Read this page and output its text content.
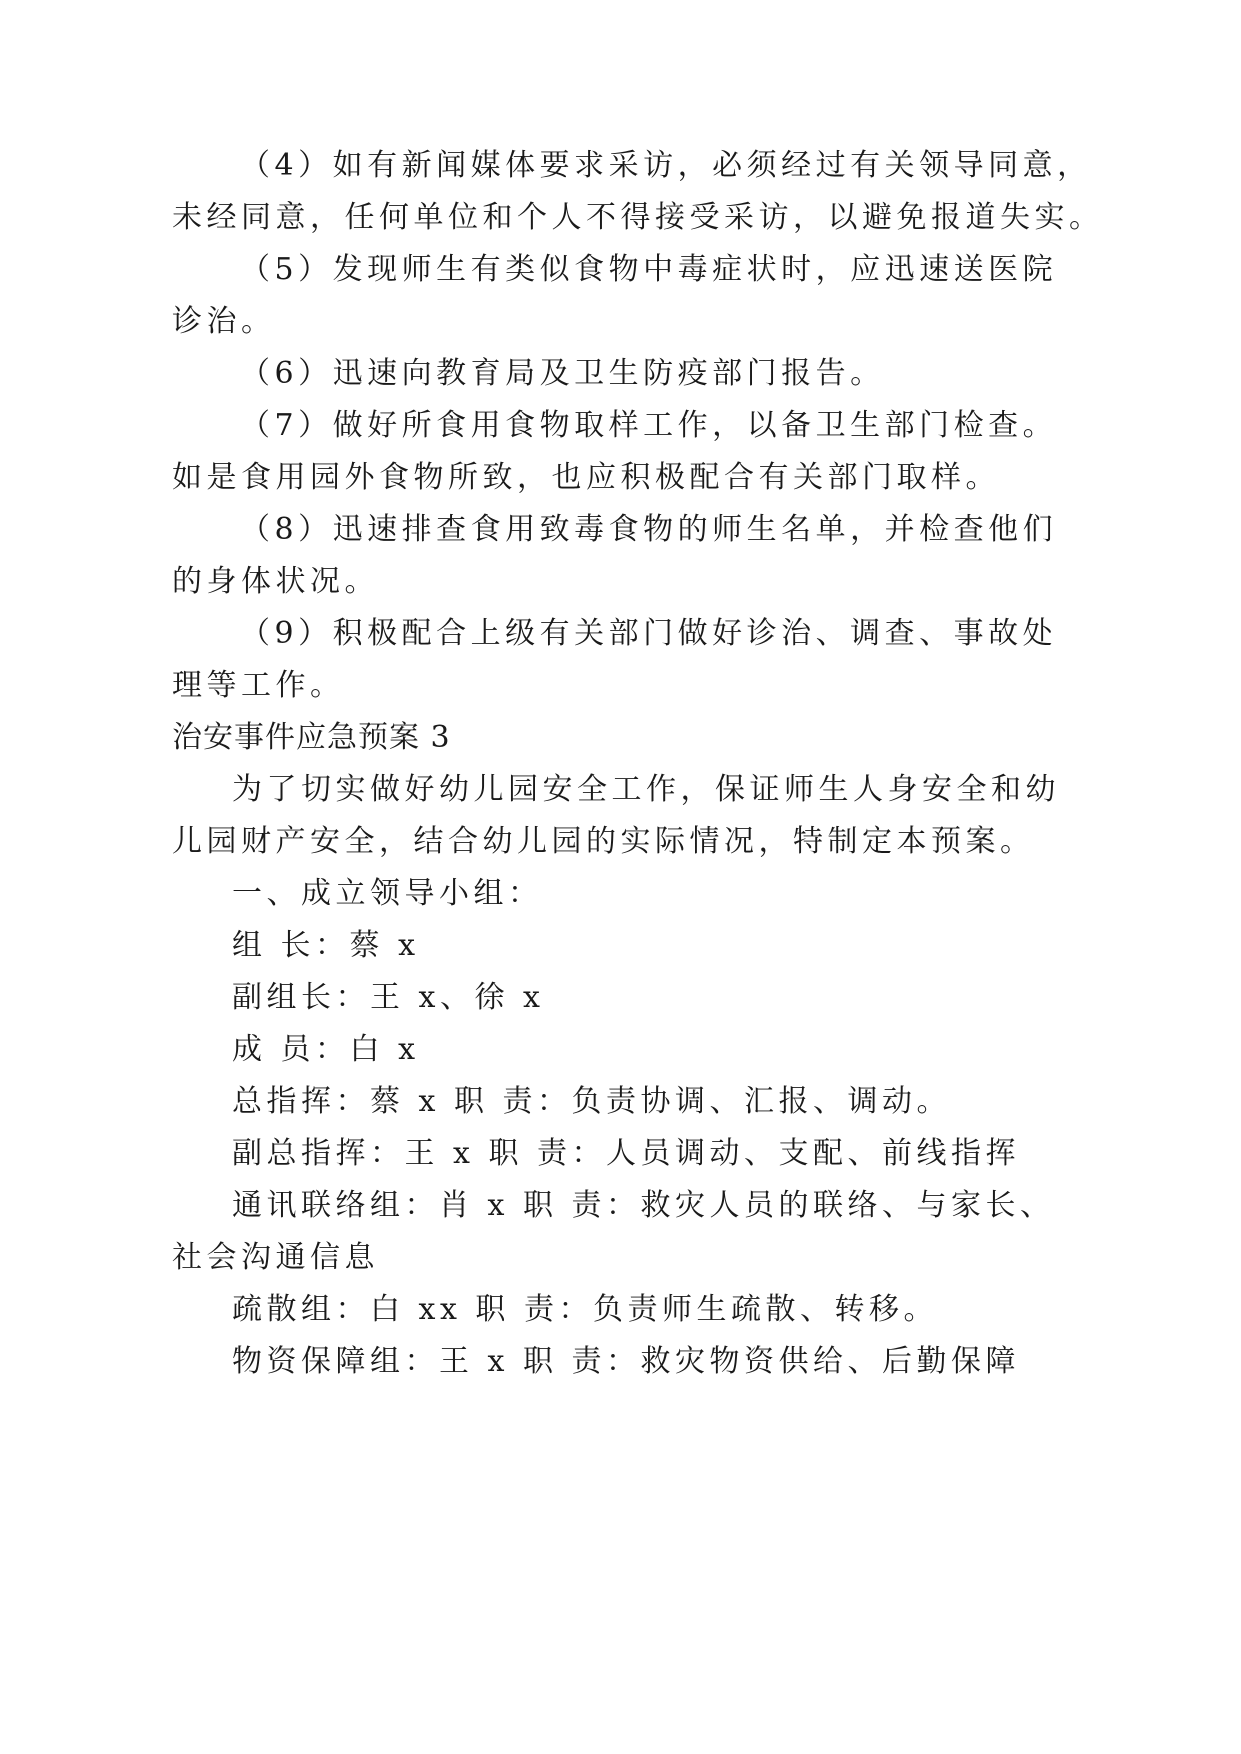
（4）如有新闻媒体要求采访，必须经过有关领导同意，
未经同意，任何单位和个人不得接受采访，以避免报道失实。
（5）发现师生有类似食物中毒症状时，应迅速送医院
诊治。
（6）迅速向教育局及卫生防疫部门报告。
（7）做好所食用食物取样工作，以备卫生部门检查。
如是食用园外食物所致，也应积极配合有关部门取样。
（8）迅速排查食用致毒食物的师生名单，并检查他们
的身体状况。
（9）积极配合上级有关部门做好诊治、调查、事故处
理等工作。
治安事件应急预案 3
为了切实做好幼儿园安全工作，保证师生人身安全和幼
儿园财产安全，结合幼儿园的实际情况，特制定本预案。
一、成立领导小组：
组 长：蔡 x
副组长：王 x、徐 x
成 员：白 x
总指挥：蔡 x 职 责：负责协调、汇报、调动。
副总指挥：王 x 职 责：人员调动、支配、前线指挥
通讯联络组：肖 x 职 责：救灾人员的联络、与家长、
社会沟通信息
疏散组：白 xx 职 责：负责师生疏散、转移。
物资保障组：王 x 职 责：救灾物资供给、后勤保障
